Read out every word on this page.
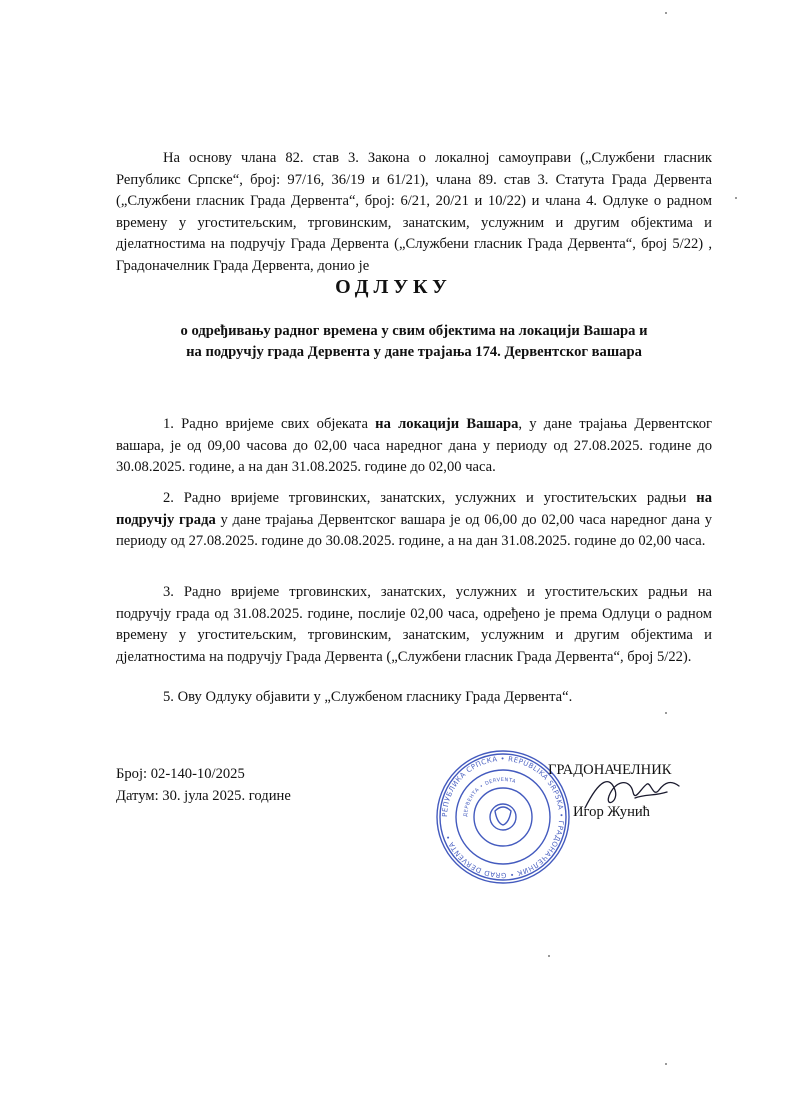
На основу члана 82. став 3. Закона о локалној самоуправи („Службени гласник Републикс Српскe“, број: 97/16, 36/19 и 61/21), члана 89. став 3. Статута Града Дервента („Службени гласник Града Дервента“, број: 6/21, 20/21 и 10/22) и члана 4. Одлуке о радном времену у угоститељским, трговинским, занатским, услужним и другим објектима и дјелатностима на подручју Града Дервента („Службени гласник Града Дервента“, број 5/22) , Градоначелник Града Дервента, донио је
ОДЛУКУ
о одређивању радног времена у свим објектима на локацији Вашара и
на подручју града Дервента у дане трајања 174. Дервентског вашара
1. Радно вријеме свих објеката на локацији Вашара, у дане трајања Дервентског вашара, је од 09,00 часова до 02,00 часа наредног дана у периоду од 27.08.2025. године до 30.08.2025. године, а на дан 31.08.2025. године до 02,00 часа.
2. Радно вријеме трговинских, занатских, услужних и угоститељских радњи на подручју града у дане трајања Дервентског вашара је од 06,00 до 02,00 часа наредног дана у периоду од 27.08.2025. године до 30.08.2025. године, а на дан 31.08.2025. године до 02,00 часа.
3. Радно вријеме трговинских, занатских, услужних и угоститељских радњи на подручју града од 31.08.2025. године, послије 02,00 часа, одређено је према Одлуци о радном времену у угоститељским, трговинским, занатским, услужним и другим објектима и дјелатностима на подручју Града Дервента („Службени гласник Града Дервента“, број 5/22).
5. Ову Одлуку објавити у „Службеном гласнику Града Дервента“.
Број: 02-140-10/2025
Датум: 30. јула 2025. године
РЕПУБЛИКА СРПСКА • REPUBLIKA SRPSKA • ГРАДОНАЧЕЛНИК • GRAD DERVENTA •
ДЕРВЕНТА • DERVENTA
ГРАДОНАЧЕЛНИК
Игор Жунић
